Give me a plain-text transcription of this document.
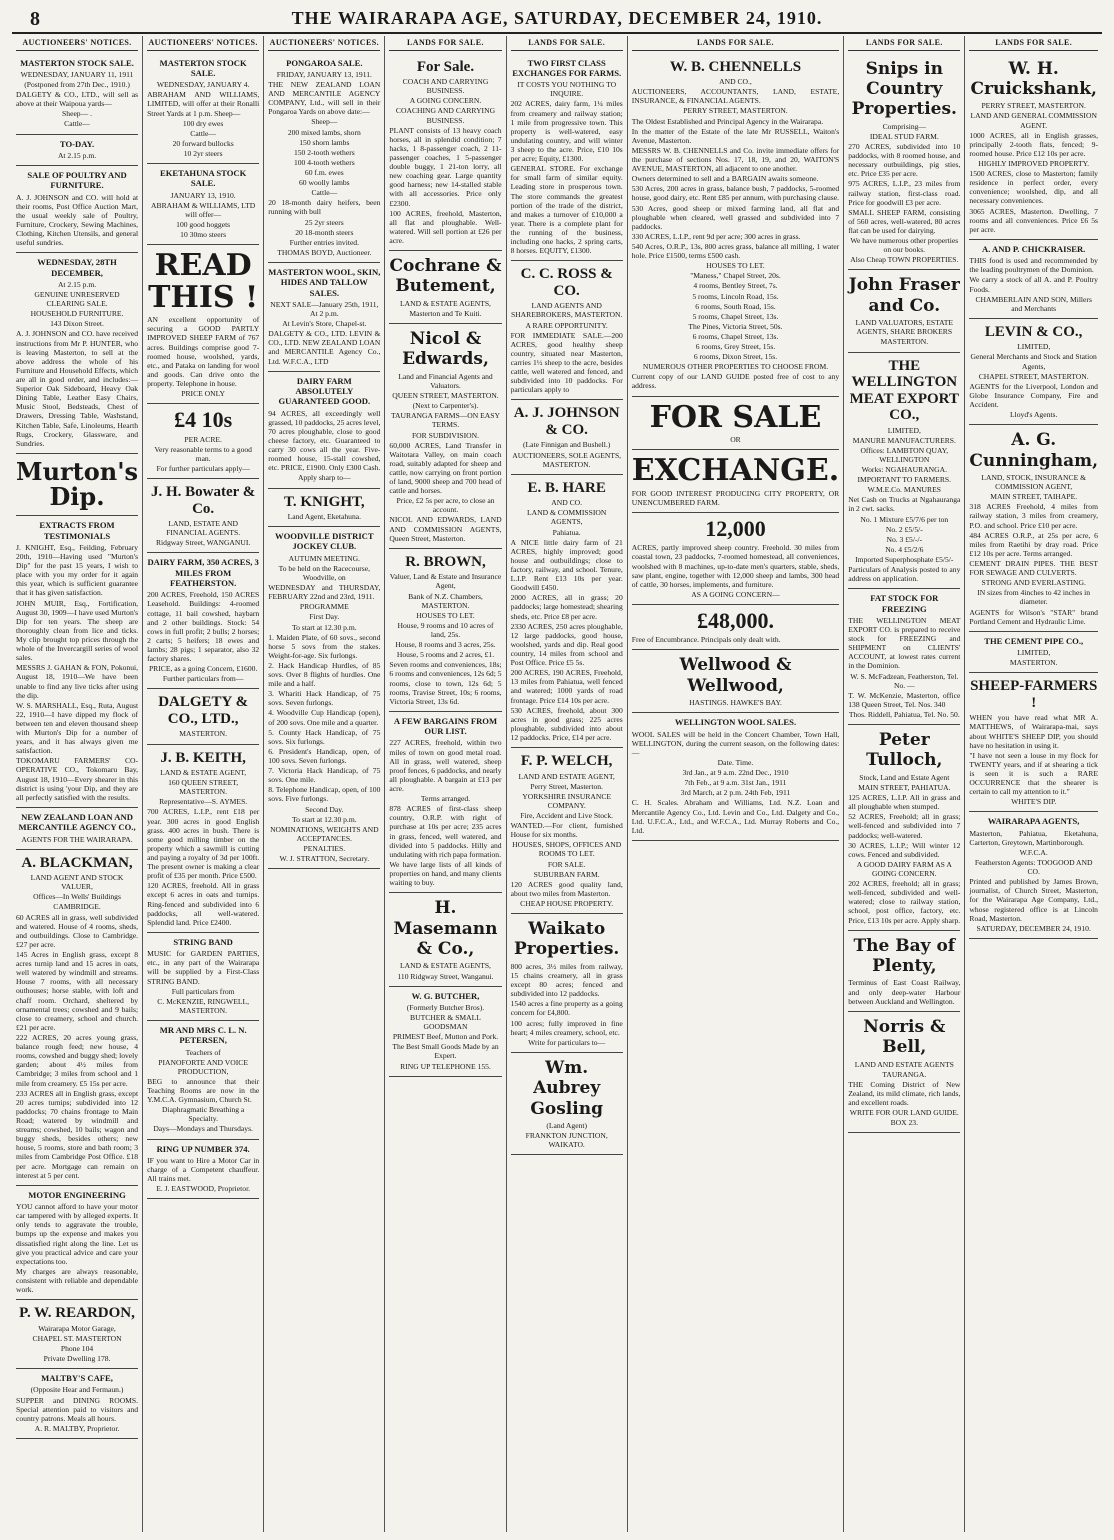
8	THE WAIRARAPA AGE, SATURDAY, DECEMBER 24, 1910.
AUCTIONEERS' NOTICES.
MASTERTON STOCK SALE.

WEDNESDAY, JANUARY 11, 1911

(Postponed from 27th Dec., 1910.)

DALGETY & CO., LTD., will sell as above at their Waipoua yards—

Sheep— .

Cattle—

TO-DAY.

At 2.15 p.m.

SALE OF POULTRY AND FURNITURE.

A. J. JOHNSON and CO. will hold at their rooms, Post Office Auction Mart, the usual weekly sale of Poultry, Furniture, Crockery, Sewing Machines, Clothing, Kitchen Utensils, and general useful sundries.

WEDNESDAY, 28TH DECEMBER,

At 2.15 p.m.

GENUINE UNRESERVED CLEARING SALE.

HOUSEHOLD FURNITURE.

143 Dixon Street.

A. J. JOHNSON and CO. have received instructions from Mr P. HUNTER, who is leaving Masterton, to sell at the above address the whole of his Furniture and Household Effects, which are all in good order, and includes:—Superior Oak Sideboard, Heavy Oak Dining Table, Leather Easy Chairs, Music Stool, Bedsteads, Chest of Drawers, Dressing Table, Washstand, Kitchen Table, Safe, Linoleums, Hearth Rugs, Crockery, Glassware, and Sundries.

Murton's Dip.
EXTRACTS FROM TESTIMONIALS

J. KNIGHT, Esq., Feilding, February 20th, 1910—Having used "Murton's Dip" for the past 15 years, I wish to place with you my order for it again this year, which is sufficient guarantee that it has given satisfaction.

JOHN MUIR, Esq., Fortification, August 30, 1909—I have used Murton's Dip for ten years. The sheep are thoroughly clean from lice and ticks. My clip brought top prices through the whole of the Invercargill series of wool sales.

MESSRS J. GAHAN & FON, Pokonui, August 18, 1910—We have been unable to find any live ticks after using the dip.

W. S. MARSHALL, Esq., Ruta, August 22, 1910—I have dipped my flock of between ten and eleven thousand sheep with Murton's Dip for a number of years, and it has always given me satisfaction.

TOKOMARU FARMERS' CO-OPERATIVE CO., Tokomaru Bay, August 18, 1910—Every shearer in this district is using 'your Dip, and they are all perfectly satisfied with the results.

NEW ZEALAND LOAN AND MERCANTILE AGENCY CO.,

AGENTS FOR THE WAIRARAPA.

A. BLACKMAN,

LAND AGENT AND STOCK VALUER,

Offices—In Wells' Buildings

CAMBRIDGE.

60 ACRES all in grass, well subdivided and watered. House of 4 rooms, sheds, and outbuildings. Close to Cambridge. £27 per acre.

145 Acres in English grass, except 8 acres turnip land and 15 acres in oats, well watered by windmill and streams. House 7 rooms, with all necessary outhouses; horse stable, with loft and chaff room. Orchard, sheltered by ornamental trees; cowshed and 9 bails; close to creamery, school and church. £21 per acre.

222 ACRES, 20 acres young grass, balance rough feed; new house, 4 rooms, cowshed and buggy shed; lovely garden; about 4½ miles from Cambridge; 3 miles from school and 1 mile from creamery. £5 15s per acre.

233 ACRES all in English grass, except 20 acres turnips; subdivided into 12 paddocks; 70 chains frontage to Main Road; watered by windmill and streams; cowshed, 10 bails; wagon and buggy sheds, besides others; new house, 5 rooms, store and bath room; 3 miles from Cambridge Post Office. £18 per acre. Mortgage can remain on interest at 5 per cent.

MOTOR ENGINEERING

YOU cannot afford to have your motor car tampered with by alleged experts. It only tends to aggravate the trouble, bumps up the expense and makes you dissatisfied right along the line. Let us give you practical advice and care your expectations too.

My charges are always reasonable, consistent with reliable and dependable work.

P. W. REARDON,

Wairarapa Motor Garage,

CHAPEL ST. MASTERTON

Phone 104

Private Dwelling 178.

MALTBY'S CAFE,

(Opposite Hear and Fermaun.)

SUPPER and DINING ROOMS. Special attention paid to visitors and country patrons. Meals all hours.

A. R. MALTBY, Proprietor.

AUCTIONEERS' NOTICES.
MASTERTON STOCK SALE.

WEDNESDAY, JANUARY 4.

ABRAHAM AND WILLIAMS, LIMITED, will offer at their Ronalli Street Yards at 1 p.m. Sheep—

100 dry ewes

Cattle—

20 forward bullocks

10 2yr steers

EKETAHUNA STOCK SALE.

JANUARY 13, 1910.

ABRAHAM & WILLIAMS, LTD will offer—

100 good hoggets

10 30mo steers

READ THIS !

AN excellent opportunity of securing a GOOD PARTLY IMPROVED SHEEP FARM of 767 acres. Buildings comprise good 7-roomed house, woolshed, yards, etc., and Pataka on landing for wool and goods. Can drive onto the property. Telephone in house.

PRICE ONLY

£4 10s

PER ACRE.

Very reasonable terms to a good man.

For further particulars apply—

J. H. Bowater & Co.

LAND, ESTATE AND FINANCIAL AGENTS.

Ridgway Street, WANGANUI.

DAIRY FARM, 350 ACRES, 3 MILES FROM FEATHERSTON.

200 ACRES, Freehold, 150 ACRES Leasehold. Buildings: 4-roomed cottage, 11 bail cowshed, haybarn and 2 other buildings. Stock: 54 cows in full profit; 2 bulls; 2 horses; 2 carts; 5 heifers; 18 ewes and lambs; 28 pigs; 1 separator, also 32 factory shares.

PRICE, as a going Concern, £1600.

Further particulars from—

DALGETY & CO., LTD.,

MASTERTON.

J. B. KEITH,

LAND & ESTATE AGENT,

160 QUEEN STREET, MASTERTON.

Representative—S. AYMES.

700 ACRES, L.I.P., rent £18 per year. 300 acres in good English grass. 400 acres in bush. There is some good milling timber on the property which a sawmill is cutting and paying a royalty of 3d per 100ft. The present owner is making a clear profit of £35 per month. Price £500.

120 ACRES, freehold. All in grass except 6 acres in oats and turnips. Ring-fenced and subdivided into 6 paddocks, all well-watered. Splendid land. Price £2400.

STRING BAND

MUSIC for GARDEN PARTIES, etc., in any part of the Wairarapa will be supplied by a First-Class STRING BAND.

Full particulars from

C. McKENZIE, RINGWELL, MASTERTON.

MR AND MRS C. L. N. PETERSEN,

Teachers of

PIANOFORTE AND VOICE PRODUCTION,

BEG to announce that their Teaching Rooms are now in the Y.M.C.A. Gymnasium, Church St.

Diaphragmatic Breathing a Specialty.

Days—Mondays and Thursdays.

RING UP NUMBER 374.

IF you want to Hire a Motor Car in charge of a Competent chauffeur. All trains met.

E. J. EASTWOOD, Proprietor.

AUCTIONEERS' NOTICES.
PONGAROA SALE.

FRIDAY, JANUARY 13, 1911.

THE NEW ZEALAND LOAN AND MERCANTILE AGENCY COMPANY, Ltd., will sell in their Pongaroa Yards on above date:—

Sheep—

200 mixed lambs, shorn

150 shorn lambs

150 2-tooth wethers

100 4-tooth wethers

60 f.m. ewes

60 woolly lambs

Cattle—

20 18-month dairy heifers, been running with bull

25 2yr steers

20 18-month steers

Further entries invited.

THOMAS BOYD, Auctioneer.

MASTERTON WOOL, SKIN, HIDES AND TALLOW SALES.

NEXT SALE—January 25th, 1911, At 2 p.m.

At Levin's Store, Chapel-st.

DALGETY & CO., LTD. LEVIN & CO., LTD. NEW ZEALAND LOAN and MERCANTILE Agency Co., Ltd. W.F.C.A., LTD

DAIRY FARM ABSOLUTELY GUARANTEED GOOD.

94 ACRES, all exceedingly well grassed, 10 paddocks, 25 acres level, 70 acres ploughable, close to good cheese factory, etc. Guaranteed to carry 30 cows all the year. Five-roomed house, 15-stall cowshed, etc. PRICE, £1900. Only £300 Cash.

Apply sharp to—

T. KNIGHT,

Land Agent, Eketahuna.

WOODVILLE DISTRICT JOCKEY CLUB.

AUTUMN MEETING.

To be held on the Racecourse, Woodville, on

WEDNESDAY and THURSDAY, FEBRUARY 22nd and 23rd, 1911.

PROGRAMME

First Day.

To start at 12.30 p.m.

1. Maiden Plate, of 60 sovs., second horse 5 sovs from the stakes. Weight-for-age. Six furlongs.

2. Hack Handicap Hurdles, of 85 sovs. Over 8 flights of hurdles. One mile and a half.

3. Whariti Hack Handicap, of 75 sovs. Seven furlongs.

4. Woodville Cup Handicap (open), of 200 sovs. One mile and a quarter.

5. County Hack Handicap, of 75 sovs. Six furlongs.

6. President's Handicap, open, of 100 sovs. Seven furlongs.

7. Victoria Hack Handicap, of 75 sovs. One mile.

8. Telephone Handicap, open, of 100 sovs. Five furlongs.

Second Day.

To start at 12.30 p.m.

NOMINATIONS, WEIGHTS AND ACCEPTANCES.

PENALTIES.

W. J. STRATTON, Secretary.

LANDS FOR SALE.
For Sale.

COACH AND CARRYING BUSINESS.

A GOING CONCERN.

COACHING AND CARRYING BUSINESS.

PLANT consists of 13 heavy coach horses, all in splendid condition; 7 hacks, 1 8-passenger coach, 2 11-passenger coaches, 1 5-passenger double buggy, 1 21-ton lorry, all new coaching gear. Large quantity good harness; new 14-stalled stable with all accessories. Price only £2300.

100 ACRES, freehold, Masterton, all flat and ploughable. Well-watered. Will sell portion at £26 per acre.

Cochrane & Butement,

LAND & ESTATE AGENTS,

Masterton and Te Kuiti.

Nicol & Edwards,

Land and Financial Agents and Valuators.

QUEEN STREET, MASTERTON.

(Next to Carpenter's).

TAURANGA FARMS—ON EASY TERMS.

FOR SUBDIVISION.

60,000 ACRES, Land Transfer in Waitotara Valley, on main coach road, suitably adapted for sheep and cattle, now carrying on front portion of land, 9000 sheep and 700 head of cattle and horses.

Price, £2 5s per acre, to close an account.

NICOL AND EDWARDS, LAND AND COMMISSION AGENTS, Queen Street, Masterton.

R. BROWN,

Valuer, Land & Estate and Insurance Agent,

Bank of N.Z. Chambers, MASTERTON.

HOUSES TO LET.

House, 9 rooms and 10 acres of land, 25s.

House, 8 rooms and 3 acres, 25s.

House, 5 rooms and 2 acres, £1.

Seven rooms and conveniences, 18s; 6 rooms and conveniences, 12s 6d; 5 rooms, close to town, 12s 6d; 5 rooms, Travise Street, 10s; 6 rooms, Victoria Street, 13s 6d.

A FEW BARGAINS FROM OUR LIST.

227 ACRES, freehold, within two miles of town on good metal road. All in grass, well watered, sheep proof fences, 6 paddocks, and nearly all ploughable. A bargain at £13 per acre.

Terms arranged.

878 ACRES of first-class sheep country, O.R.P. with right of purchase at 10s per acre; 235 acres in grass, fenced, well watered, and divided into 5 paddocks. Hilly and undulating with rich papa formation.

We have large lists of all kinds of properties on hand, and many clients waiting to buy.

H. Masemann & Co.,

LAND & ESTATE AGENTS,

110 Ridgway Street, Wanganui.

W. G. BUTCHER,

(Formerly Butcher Bros).

BUTCHER & SMALL GOODSMAN

PRIMEST Beef, Mutton and Pork.

The Best Small Goods Made by an Expert.

RING UP TELEPHONE 155.

LANDS FOR SALE.
TWO FIRST CLASS EXCHANGES FOR FARMS.

IT COSTS YOU NOTHING TO INQUIRE.

202 ACRES, dairy farm, 1¼ miles from creamery and railway station; 1 mile from progressive town. This property is well-watered, easy undulating country, and will winter 3 sheep to the acre. Price, £10 10s per acre; Equity, £1300.

GENERAL STORE. For exchange for small farm of similar equity. Leading store in prosperous town. The store commands the greatest portion of the trade of the district, and makes a turnover of £10,000 a year. There is a complete plant for the running of the business, including one hacks, 2 spring carts, 8 horses. EQUITY, £1300.

C. C. ROSS & CO.

LAND AGENTS AND SHAREBROKERS, MASTERTON.

A RARE OPPORTUNITY.

FOR IMMEDIATE SALE.—200 ACRES, good healthy sheep country, situated near Masterton, carries 1½ sheep to the acre, besides cattle, well watered and fenced, and subdivided into 10 paddocks. For particulars apply to

A. J. JOHNSON & CO.

(Late Finnigan and Bushell.)

AUCTIONEERS, SOLE AGENTS, MASTERTON.

E. B. HARE

AND CO.

LAND & COMMISSION AGENTS,

Pahiatua.

A NICE little dairy farm of 21 ACRES, highly improved; good house and outbuildings; close to factory, railway, and school. Tenure, L.I.P. Rent £13 10s per year. Goodwill £450.

2000 ACRES, all in grass; 20 paddocks; large homestead; shearing sheds, etc. Price £8 per acre.

2330 ACRES, 250 acres ploughable, 12 large paddocks, good house, woolshed, yards and dip. Real good country, 14 miles from school and Post Office. Price £5 5s.

200 ACRES, 190 ACRES, Freehold, 13 miles from Pahiatua, well fenced and watered; 1000 yards of road frontage. Price £14 10s per acre.

530 ACRES, freehold, about 300 acres in good grass; 225 acres ploughable, subdivided into about 12 paddocks. Price, £14 per acre.

F. P. WELCH,

LAND AND ESTATE AGENT,

Perry Street, Masterton.

YORKSHIRE INSURANCE COMPANY.

Fire, Accident and Live Stock.

WANTED.—For client, furnished House for six months.

HOUSES, SHOPS, OFFICES AND ROOMS TO LET.

FOR SALE.

SUBURBAN FARM.

120 ACRES good quality land, about two miles from Masterton.

CHEAP HOUSE PROPERTY.

Waikato Properties.

800 acres, 3½ miles from railway, 15 chains creamery, all in grass except 80 acres; fenced and subdivided into 12 paddocks.

1540 acres a fine property as a going concern for £4,800.

100 acres; fully improved in fine heart; 4 miles creamery, school, etc.

Write for particulars to—

Wm. Aubrey Gosling

(Land Agent)

FRANKTON JUNCTION, WAIKATO.

LANDS FOR SALE.
W. B. CHENNELLS

AND CO.,

AUCTIONEERS, ACCOUNTANTS, LAND, ESTATE, INSURANCE, & FINANCIAL AGENTS.

PERRY STREET, MASTERTON.

The Oldest Established and Principal Agency in the Wairarapa.

In the matter of the Estate of the late Mr RUSSELL, Waiton's Avenue, Masterton.

MESSRS W. B. CHENNELLS and Co. invite immediate offers for the purchase of sections Nos. 17, 18, 19, and 20, WAITON'S AVENUE, MASTERTON, all adjacent to one another.

Owners determined to sell and a BARGAIN awaits someone.

530 Acres, 200 acres in grass, balance bush, 7 paddocks, 5-roomed house, good dairy, etc. Rent £85 per annum, with purchasing clause.

530 Acres, good sheep or mixed farming land, all flat and ploughable when cleared, well grassed and subdivided into 7 paddocks.

330 ACRES, L.I.P., rent 9d per acre; 300 acres in grass.

540 Acres, O.R.P., 13s, 800 acres grass, balance all milling, 1 water hole. Price £1500, terms £500 cash.

HOUSES TO LET.

"Maness," Chapel Street, 20s.

4 rooms, Bentley Street, 7s.

5 rooms, Lincoln Road, 15s.

6 rooms, South Road, 15s.

5 rooms, Chapel Street, 13s.

The Pines, Victoria Street, 50s.

6 rooms, Chapel Street, 13s.

6 rooms, Grey Street, 15s.

6 rooms, Dixon Street, 15s.

NUMEROUS OTHER PROPERTIES TO CHOOSE FROM.

Current copy of our LAND GUIDE posted free of cost to any address.

FOR SALE

OR

EXCHANGE.

FOR GOOD INTEREST PRODUCING CITY PROPERTY, OR UNENCUMBERED FARM.

12,000

ACRES, partly improved sheep country. Freehold. 30 miles from coastal town, 23 paddocks, 7-roomed homestead, all conveniences, woolshed with 8 machines, up-to-date men's quarters, stable, sheds, saw plant, engine, together with 12,000 sheep and lambs, 300 head of cattle, 30 horses, implements, and furniture.

AS A GOING CONCERN—

£48,000.

Free of Encumbrance. Principals only dealt with.

Wellwood & Wellwood,

HASTINGS. HAWKE'S BAY.

WELLINGTON WOOL SALES.

WOOL SALES will be held in the Concert Chamber, Town Hall, WELLINGTON, during the current season, on the following dates:—

Date. Time.

3rd Jan., at 9 a.m. 22nd Dec., 1910

7th Feb., at 9 a.m. 31st Jan., 1911

3rd March, at 2 p.m. 24th Feb, 1911

C. H. Scales. Abraham and Williams, Ltd. N.Z. Loan and Mercantile Agency Co., Ltd. Levin and Co., Ltd. Dalgety and Co., Ltd. U.F.C.A., Ltd., and W.F.C.A., Ltd. Murray Roberts and Co., Ltd.

LANDS FOR SALE.
Snips in Country Properties.

Comprising—

IDEAL STUD FARM.

270 ACRES, subdivided into 10 paddocks, with 8 roomed house, and necessary outbuildings, pig sties, etc. Price £35 per acre.

975 ACRES, L.I.P., 23 miles from railway station, first-class road. Price for goodwill £3 per acre.

SMALL SHEEP FARM, consisting of 560 acres, well-watered, 80 acres flat can be used for dairying.

We have numerous other properties on our books.

Also Cheap TOWN PROPERTIES.

John Fraser and Co.

LAND VALUATORS, ESTATE AGENTS, SHARE BROKERS

MASTERTON.

THE WELLINGTON MEAT EXPORT CO.,

LIMITED,

MANURE MANUFACTURERS.

Offices: LAMBTON QUAY, WELLINGTON

Works: NGAHAURANGA.

IMPORTANT TO FARMERS.

W.M.E.Co. MANURES

Net Cash on Trucks at Ngahauranga in 2 cwt. sacks.

No. 1 Mixture £5/7/6 per ton

No. 2 £5/5/-

No. 3 £5/-/-

No. 4 £5/2/6

Imported Superphosphate £5/5/-

Particulars of Analysis posted to any address on application.

FAT STOCK FOR FREEZING

THE WELLINGTON MEAT EXPORT CO. is prepared to receive stock for FREEZING and SHIPMENT on CLIENTS' ACCOUNT, at lowest rates current in the Dominion.

W. S. McFadzean, Featherston, Tel. No. —

T. W. McKenzie, Masterton, office 138 Queen Street, Tel. Nos. 340

Thos. Riddell, Pahiatua, Tel. No. 50.

Peter Tulloch,

Stock, Land and Estate Agent

MAIN STREET, PAHIATUA.

125 ACRES, L.I.P. All in grass and all ploughable when stumped.

52 ACRES, Freehold; all in grass; well-fenced and subdivided into 7 paddocks; well-watered.

30 ACRES, L.I.P.; Will winter 12 cows. Fenced and subdivided.

A GOOD DAIRY FARM AS A GOING CONCERN.

202 ACRES, freehold; all in grass; well-fenced, subdivided and well-watered; close to railway station, school, post office, factory, etc. Price, £13 10s per acre. Apply sharp.

The Bay of Plenty,

Terminus of East Coast Railway, and only deep-water Harbour between Auckland and Wellington.

Norris & Bell,

LAND AND ESTATE AGENTS

TAURANGA.

THE Coming District of New Zealand, its mild climate, rich lands, and excellent roads.

WRITE FOR OUR LAND GUIDE.

BOX 23.

LANDS FOR SALE.
W. H. Cruickshank,

PERRY STREET, MASTERTON.

LAND AND GENERAL COMMISSION AGENT.

1000 ACRES, all in English grasses, principally 2-tooth flats, fenced; 9-roomed house. Price £12 10s per acre.

HIGHLY IMPROVED PROPERTY.

1500 ACRES, close to Masterton; family residence in perfect order, every convenience; woolshed, dip, and all necessary conveniences.

3065 ACRES, Masterton. Dwelling, 7 rooms and all conveniences. Price £6 5s per acre.

A. AND P. CHICKRAISER.

THIS food is used and recommended by the leading poultrymen of the Dominion.

We carry a stock of all A. and P. Poultry Foods.

CHAMBERLAIN AND SON, Millers and Merchants

LEVIN & CO.,

LIMITED,

General Merchants and Stock and Station Agents,

CHAPEL STREET, MASTERTON.

AGENTS for the Liverpool, London and Globe Insurance Company, Fire and Accident.

Lloyd's Agents.

A. G. Cunningham,

LAND, STOCK, INSURANCE & COMMISSION AGENT,

MAIN STREET, TAIHAPE.

318 ACRES Freehold, 4 miles from railway station, 3 miles from creamery, P.O. and school. Price £10 per acre.

484 ACRES O.R.P., at 25s per acre, 6 miles from Raetihi by dray road. Price £12 10s per acre. Terms arranged.

CEMENT DRAIN PIPES. THE BEST FOR SEWAGE AND CULVERTS.

STRONG AND EVERLASTING.

IN sizes from 4inches to 42 inches in diameter.

AGENTS for Wilson's "STAR" brand Portland Cement and Hydraulic Lime.

THE CEMENT PIPE CO.,

LIMITED,

MASTERTON.

SHEEP-FARMERS !

WHEN you have read what MR A. MATTHEWS, of Wairarapa-mai, says about WHITE'S SHEEP DIP, you should have no hesitation in using it.

"I have not seen a louse in my flock for TWENTY years, and if at shearing a tick is seen it is such a RARE OCCURRENCE that the shearer is certain to call my attention to it."

WHITE'S DIP.

WAIRARAPA AGENTS,

Masterton, Pahiatua, Eketahuna, Carterton, Greytown, Martinborough.

W.F.C.A.

Featherston Agents: TOOGOOD AND CO.

Printed and published by James Brown, journalist, of Church Street, Masterton, for the Wairarapa Age Company, Ltd., whose registered office is at Lincoln Road, Masterton.

SATURDAY, DECEMBER 24, 1910.
